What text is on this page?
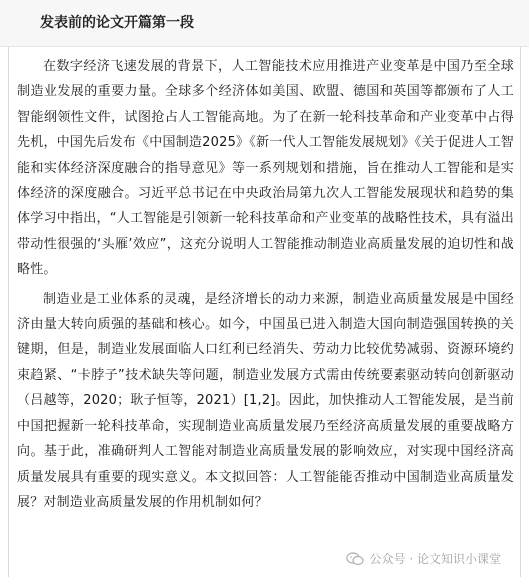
发表前的论文开篇第一段

在数字经济飞速发展的背景下，人工智能技术应用推进产业变革是中国乃至全球制造业发展的重要力量。全球多个经济体如美国、欧盟、德国和英国等都颁布了人工智能纲领性文件，试图抢占人工智能高地。为了在新一轮科技革命和产业变革中占得先机，中国先后发布《中国制造2025》《新一代人工智能发展规划》《关于促进人工智能和实体经济深度融合的指导意见》等一系列规划和措施，旨在推动人工智能和是实体经济的深度融合。习近平总书记在中央政治局第九次人工智能发展现状和趋势的集体学习中指出，“人工智能是引领新一轮科技革命和产业变革的战略性技术，具有溢出带动性很强的‘头雁’效应”，这充分说明人工智能推动制造业高质量发展的迫切性和战略性。

制造业是工业体系的灵魂，是经济增长的动力来源，制造业高质量发展是中国经济由量大转向质强的基础和核心。如今，中国虽已进入制造大国向制造强国转换的关键期，但是，制造业发展面临人口红利已经消失、劳动力比较优势减弱、资源环境约束趋紧、“卡脖子”技术缺失等问题，制造业发展方式需由传统要素驱动转向创新驱动（吕越等，2020；耿子恒等，2021）[1,2]。因此，加快推动人工智能发展，是当前中国把握新一轮科技革命，实现制造业高质量发展乃至经济高质量发展的重要战略方向。基于此，准确研判人工智能对制造业高质量发展的影响效应，对实现中国经济高质量发展具有重要的现实意义。本文拟回答：人工智能能否推动中国制造业高质量发展？对制造业高质量发展的作用机制如何？

公众号 · 论文知识小课堂
